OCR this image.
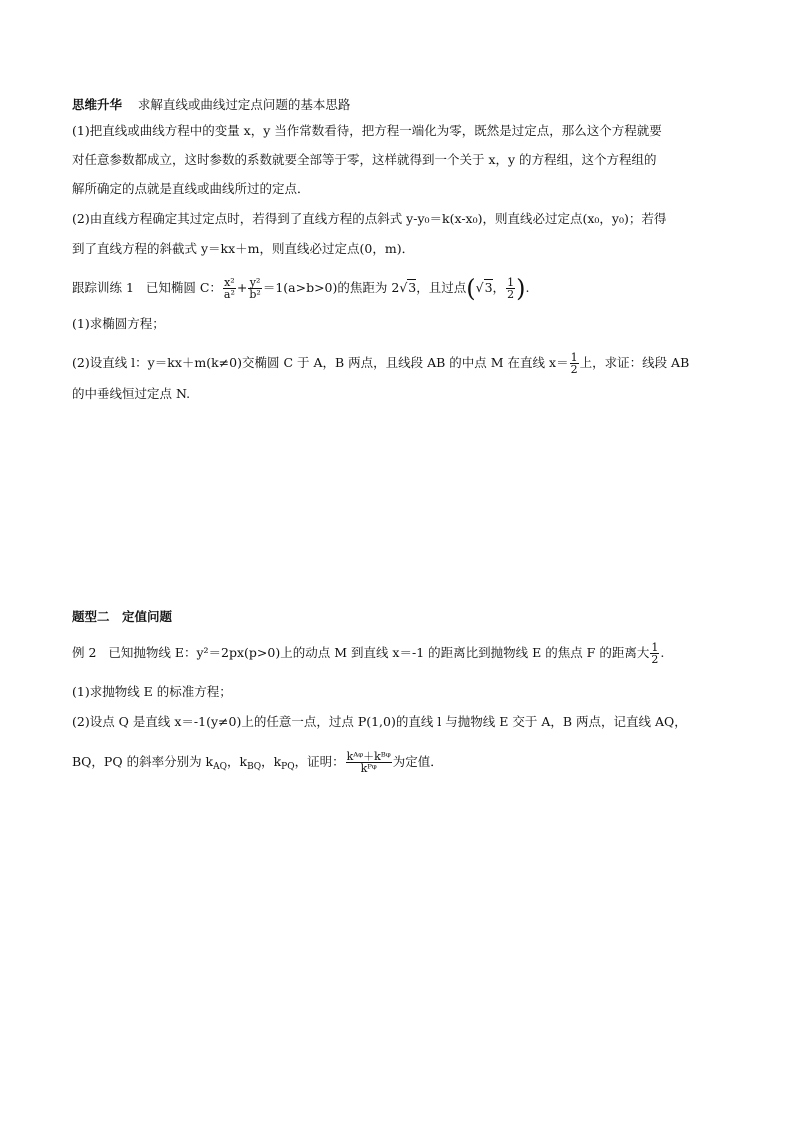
思维升华 求解直线或曲线过定点问题的基本思路
(1)把直线或曲线方程中的变量 x，y 当作常数看待，把方程一端化为零，既然是过定点，那么这个方程就要
对任意参数都成立，这时参数的系数就要全部等于零，这样就得到一个关于 x，y 的方程组，这个方程组的
解所确定的点就是直线或曲线所过的定点．
(2)由直线方程确定其过定点时，若得到了直线方程的点斜式 y-y₀＝k(x-x₀)，则直线必过定点(x₀，y₀)；若得
到了直线方程的斜截式 y＝kx＋m，则直线必过定点(0，m)．
跟踪训练 1 已知椭圆 C： $\frac{\text{x²}}{\text{a²}} + \frac{\text{y²}}{\text{b²}} =1(a>b>0)$的焦距为 2√3，且过点(√3， $\frac{1}{2}$ ).
(1)求椭圆方程；
(2)设直线 l：y＝kx＋m(k≠0)交椭圆 C 于 A，B 两点，且线段 AB 的中点 M 在直线 $x= \frac{1}{2}$ 上，求证：线段 AB
的中垂线恒过定点 N.
题型二　定值问题
例 2 已知抛物线 E：y²＝2px(p>0)上的动点 M 到直线 x＝-1 的距离比到抛物线 E 的焦点 F 的距离大 $\frac{1}{2}$ .
(1)求抛物线 E 的标准方程；
(2)设点 Q 是直线 x＝-1(y≠0)上的任意一点，过点 P(1,0)的直线 l 与抛物线 E 交于 A，B 两点，记直线 AQ，
BQ，PQ 的斜率分别为 $k_{AQ}$，$k_{BQ}$，$k_{PQ}$，证明： $\frac{\text{kᴬᵠ＋kᴮᵠ}}{\text{kᴾᵠ}}$ 为定值．
